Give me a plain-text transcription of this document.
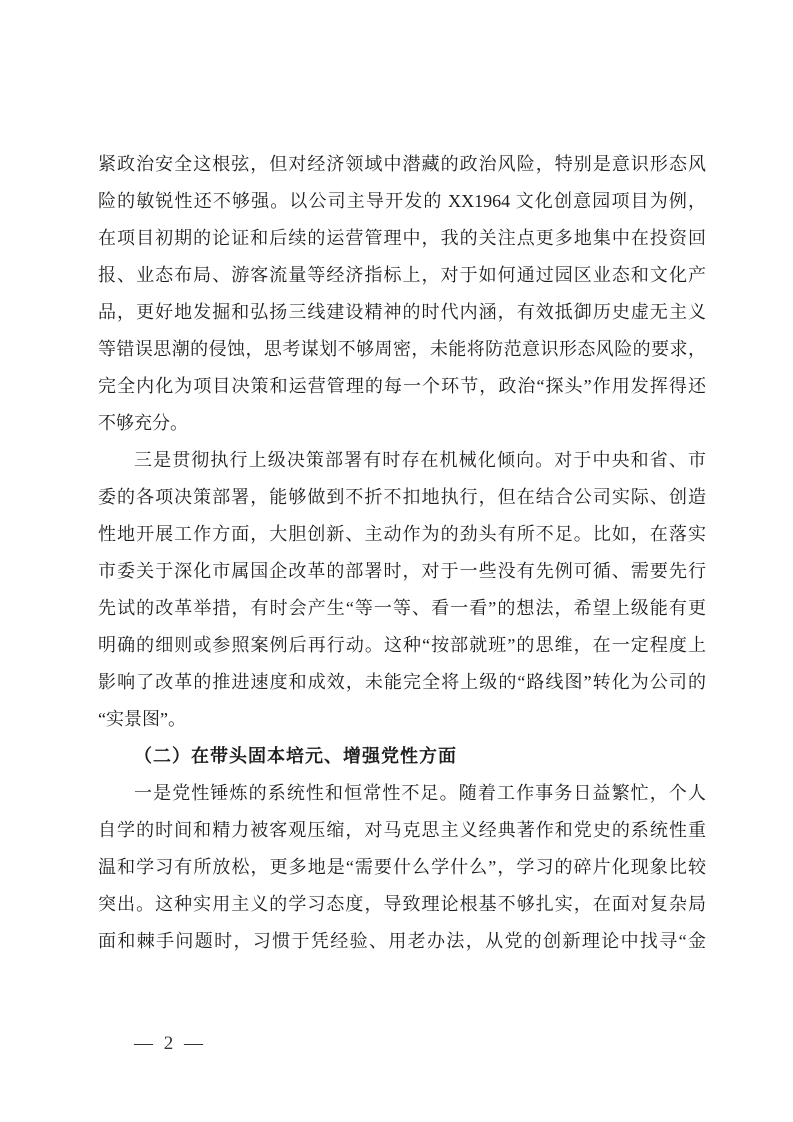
紧政治安全这根弦，但对经济领域中潜藏的政治风险，特别是意识形态风
险的敏锐性还不够强。以公司主导开发的 XX1964 文化创意园项目为例，
在项目初期的论证和后续的运营管理中，我的关注点更多地集中在投资回
报、业态布局、游客流量等经济指标上，对于如何通过园区业态和文化产
品，更好地发掘和弘扬三线建设精神的时代内涵，有效抵御历史虚无主义
等错误思潮的侵蚀，思考谋划不够周密，未能将防范意识形态风险的要求，
完全内化为项目决策和运营管理的每一个环节，政治“探头”作用发挥得还
不够充分。
三是贯彻执行上级决策部署有时存在机械化倾向。对于中央和省、市
委的各项决策部署，能够做到不折不扣地执行，但在结合公司实际、创造
性地开展工作方面，大胆创新、主动作为的劲头有所不足。比如，在落实
市委关于深化市属国企改革的部署时，对于一些没有先例可循、需要先行
先试的改革举措，有时会产生“等一等、看一看”的想法，希望上级能有更
明确的细则或参照案例后再行动。这种“按部就班”的思维，在一定程度上
影响了改革的推进速度和成效，未能完全将上级的“路线图”转化为公司的
“实景图”。
（二）在带头固本培元、增强党性方面
一是党性锤炼的系统性和恒常性不足。随着工作事务日益繁忙，个人
自学的时间和精力被客观压缩，对马克思主义经典著作和党史的系统性重
温和学习有所放松，更多地是“需要什么学什么”，学习的碎片化现象比较
突出。这种实用主义的学习态度，导致理论根基不够扎实，在面对复杂局
面和棘手问题时，习惯于凭经验、用老办法，从党的创新理论中找寻“金
— 2 —
